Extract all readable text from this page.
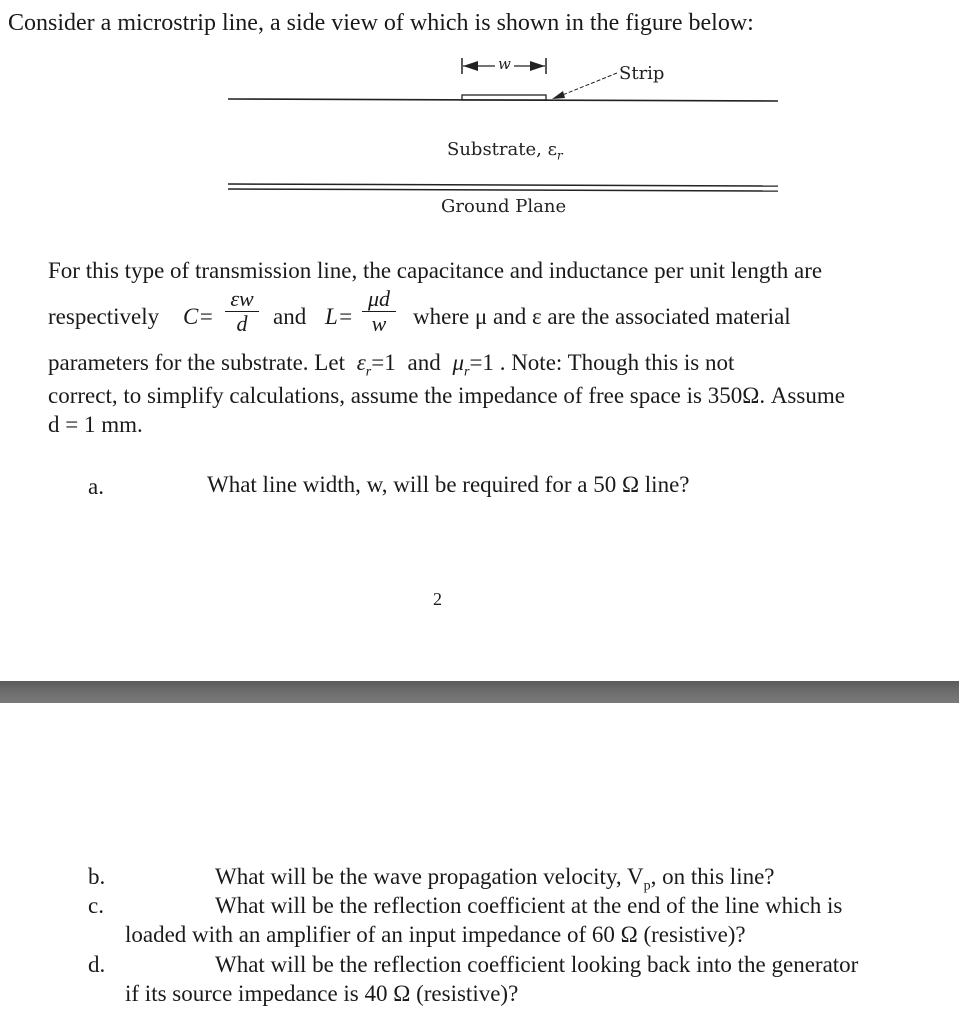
Consider a microstrip line, a side view of which is shown in the figure below:
w	Strip
Substrate, $\varepsilon_r$
Ground Plane
For this type of transmission line, the capacitance and inductance per unit length are
respectively C=
εw
d	and L=
μd
w	where μ and ε are the associated material
parameters for the substrate. Let $\varepsilon_r=1$ and $\mu_r=1$ . Note: Though this is not
correct, to simplify calculations, assume the impedance of free space is 350Ω. Assume
d = 1 mm.
a.	What line width, w, will be required for a 50 Ω line?
2
b.	What will be the wave propagation velocity, $V_p$, on this line?
c.	What will be the reflection coefficient at the end of the line which is
loaded with an amplifier of an input impedance of 60 Ω (resistive)?
d.	What will be the reflection coefficient looking back into the generator
if its source impedance is 40 Ω (resistive)?
